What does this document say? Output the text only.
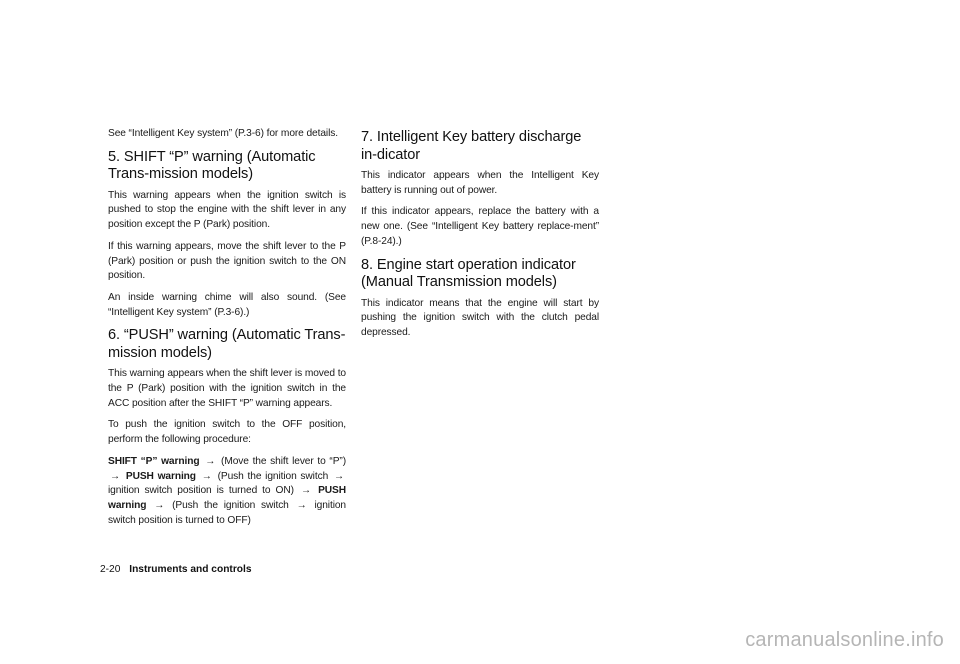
See “Intelligent Key system” (P.3-6) for more details.

5. SHIFT “P” warning (Automatic Trans-mission models)

This warning appears when the ignition switch is pushed to stop the engine with the shift lever in any position except the P (Park) position.

If this warning appears, move the shift lever to the P (Park) position or push the ignition switch to the ON position.

An inside warning chime will also sound. (See “Intelligent Key system” (P.3-6).)

6. “PUSH” warning (Automatic Trans-mission models)

This warning appears when the shift lever is moved to the P (Park) position with the ignition switch in the ACC position after the SHIFT “P” warning appears.

To push the ignition switch to the OFF position, perform the following procedure:

SHIFT “P” warning → (Move the shift lever to “P”) → PUSH warning → (Push the ignition switch → ignition switch position is turned to ON) → PUSH warning → (Push the ignition switch → ignition switch position is turned to OFF)

7. Intelligent Key battery discharge in-dicator

This indicator appears when the Intelligent Key battery is running out of power.

If this indicator appears, replace the battery with a new one. (See “Intelligent Key battery replace-ment” (P.8-24).)

8. Engine start operation indicator (Manual Transmission models)

This indicator means that the engine will start by pushing the ignition switch with the clutch pedal depressed.

2-20 Instruments and controls
carmanualsonline.info
